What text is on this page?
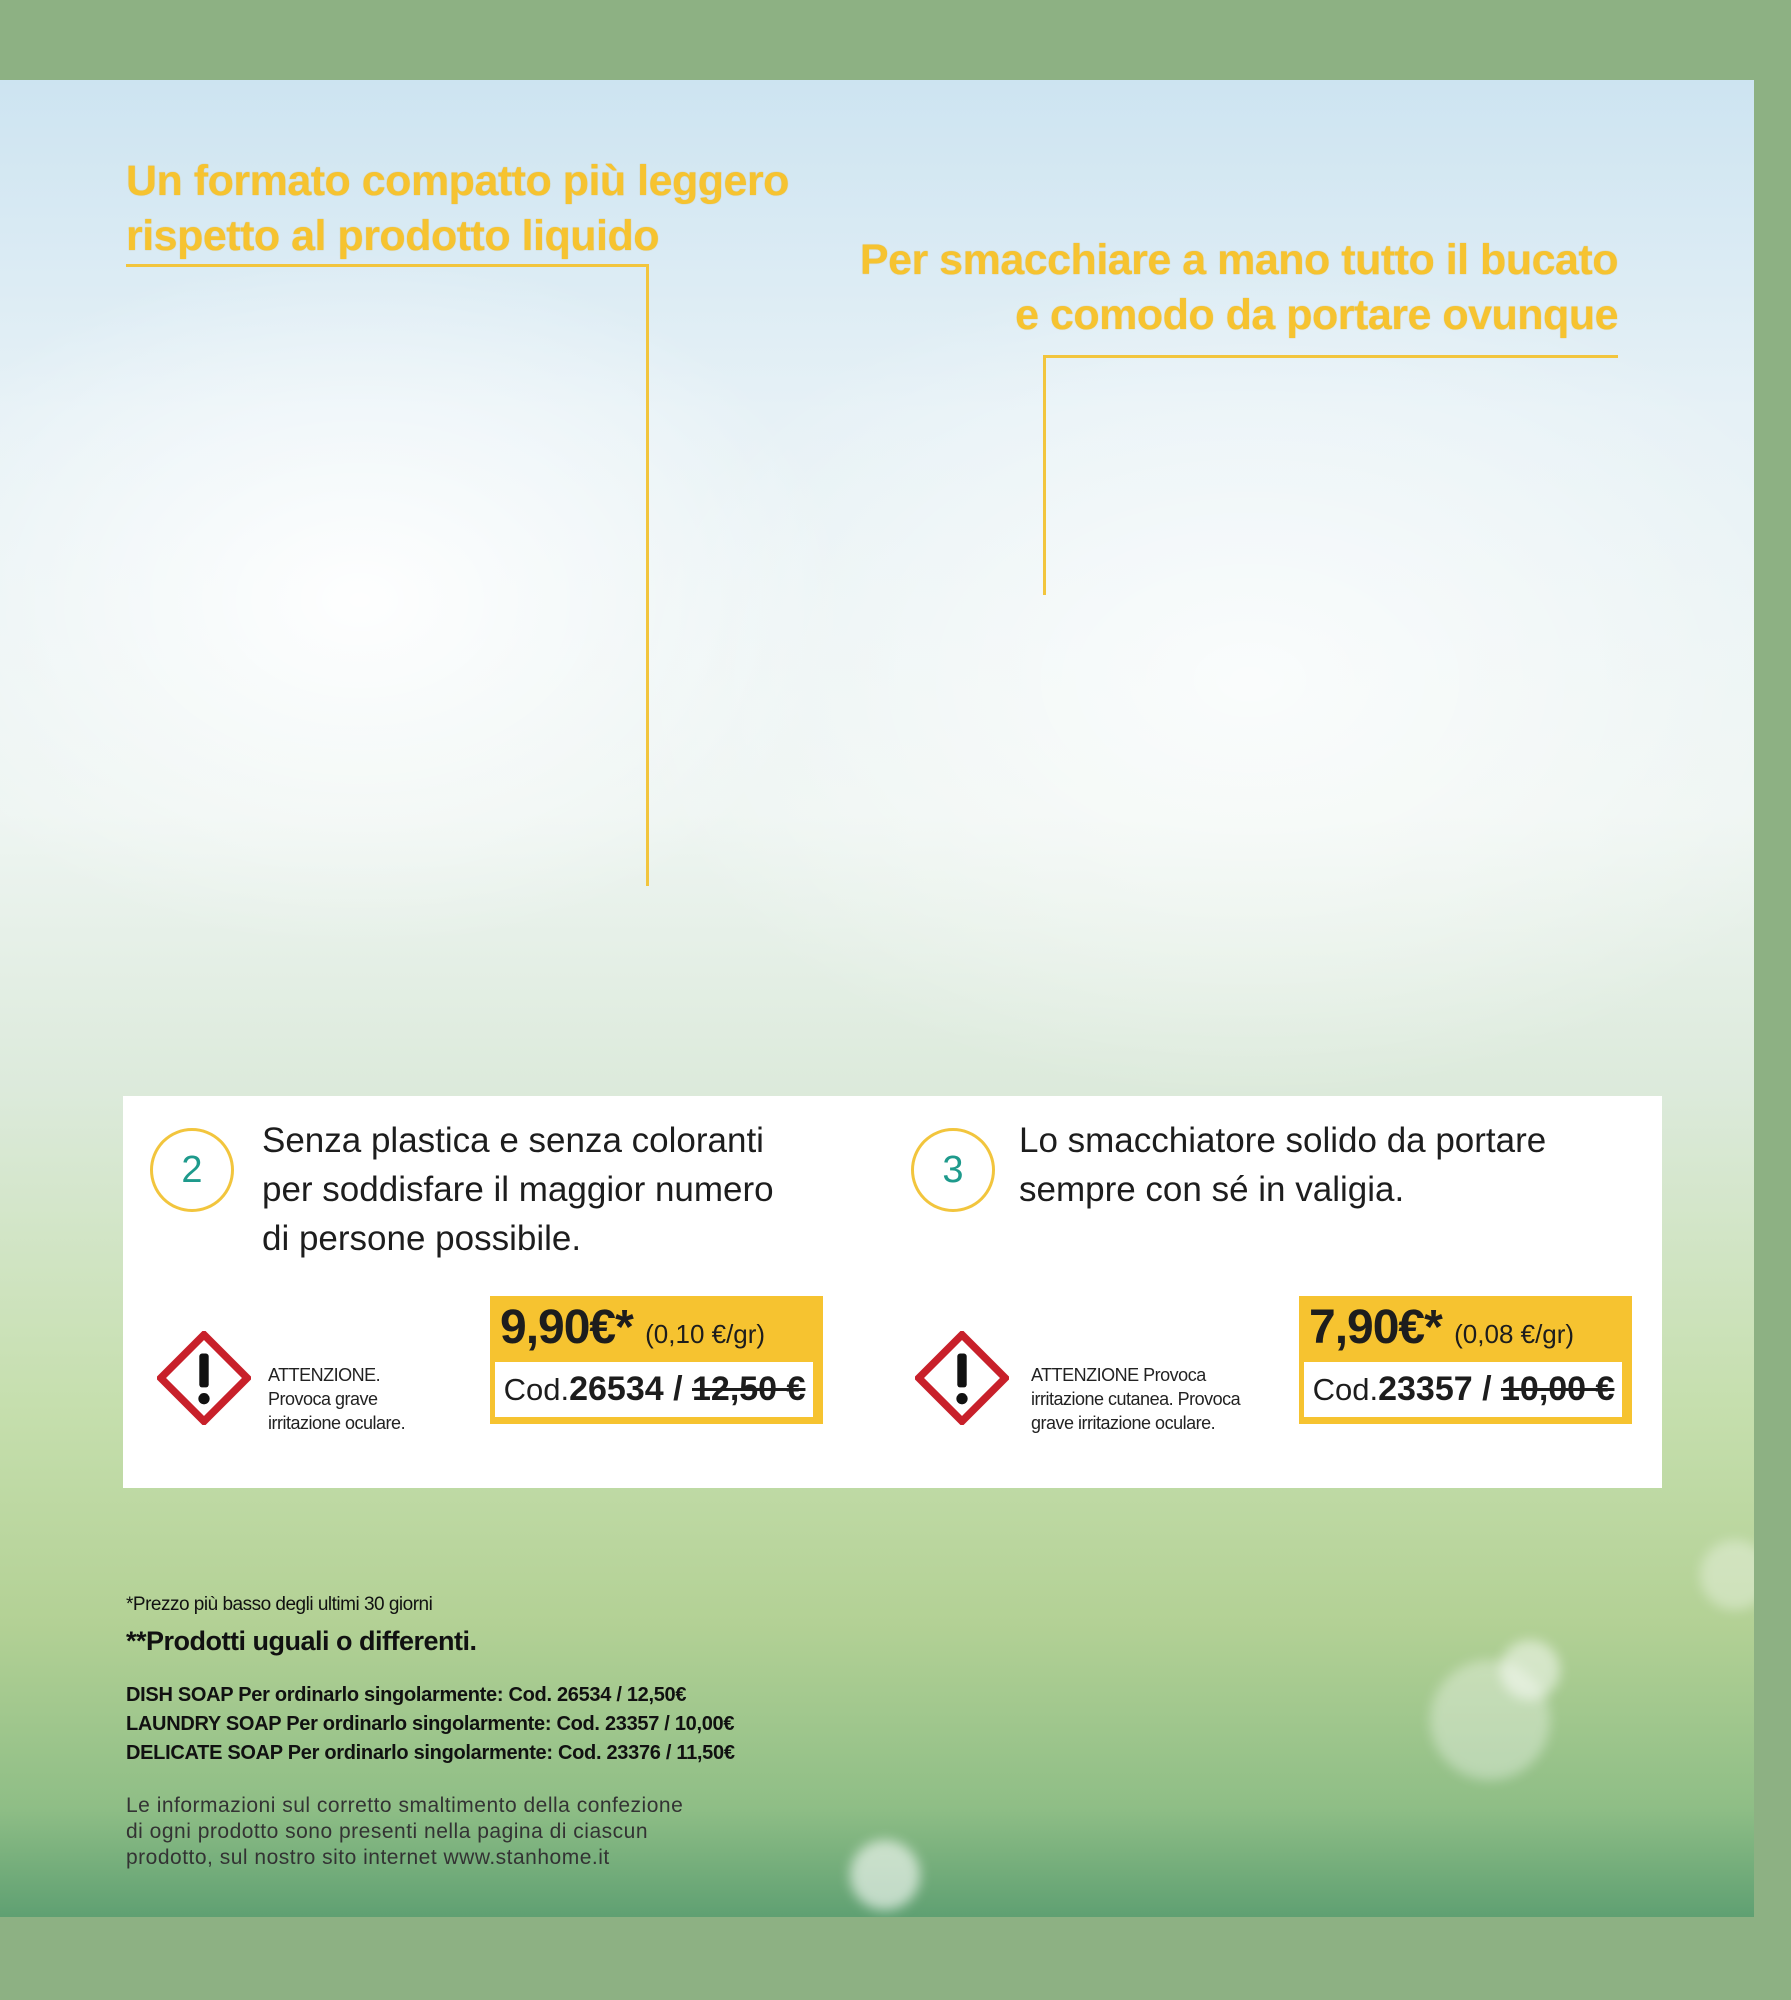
Un formato compatto più leggero
rispetto al prodotto liquido	Per smacchiare a mano tutto il bucato
e comodo da portare ovunque
2

Senza plastica e senza coloranti
per soddisfare il maggior numero
di persone possibile.

ATTENZIONE.
Provoca grave
irritazione oculare.

9,90€* (0,10 €/gr)
Cod.26534 / 12,50 €
3

Lo smacchiatore solido da portare
sempre con sé in valigia.

ATTENZIONE Provoca
irritazione cutanea. Provoca
grave irritazione oculare.

7,90€* (0,08 €/gr)
Cod.23357 / 10,00 €

*Prezzo più basso degli ultimi 30 giorni

**Prodotti uguali o differenti.

DISH SOAP Per ordinarlo singolarmente: Cod. 26534 / 12,50€
LAUNDRY SOAP Per ordinarlo singolarmente: Cod. 23357 / 10,00€
DELICATE SOAP Per ordinarlo singolarmente: Cod. 23376 / 11,50€

Le informazioni sul corretto smaltimento della confezione
di ogni prodotto sono presenti nella pagina di ciascun
prodotto, sul nostro sito internet www.stanhome.it
